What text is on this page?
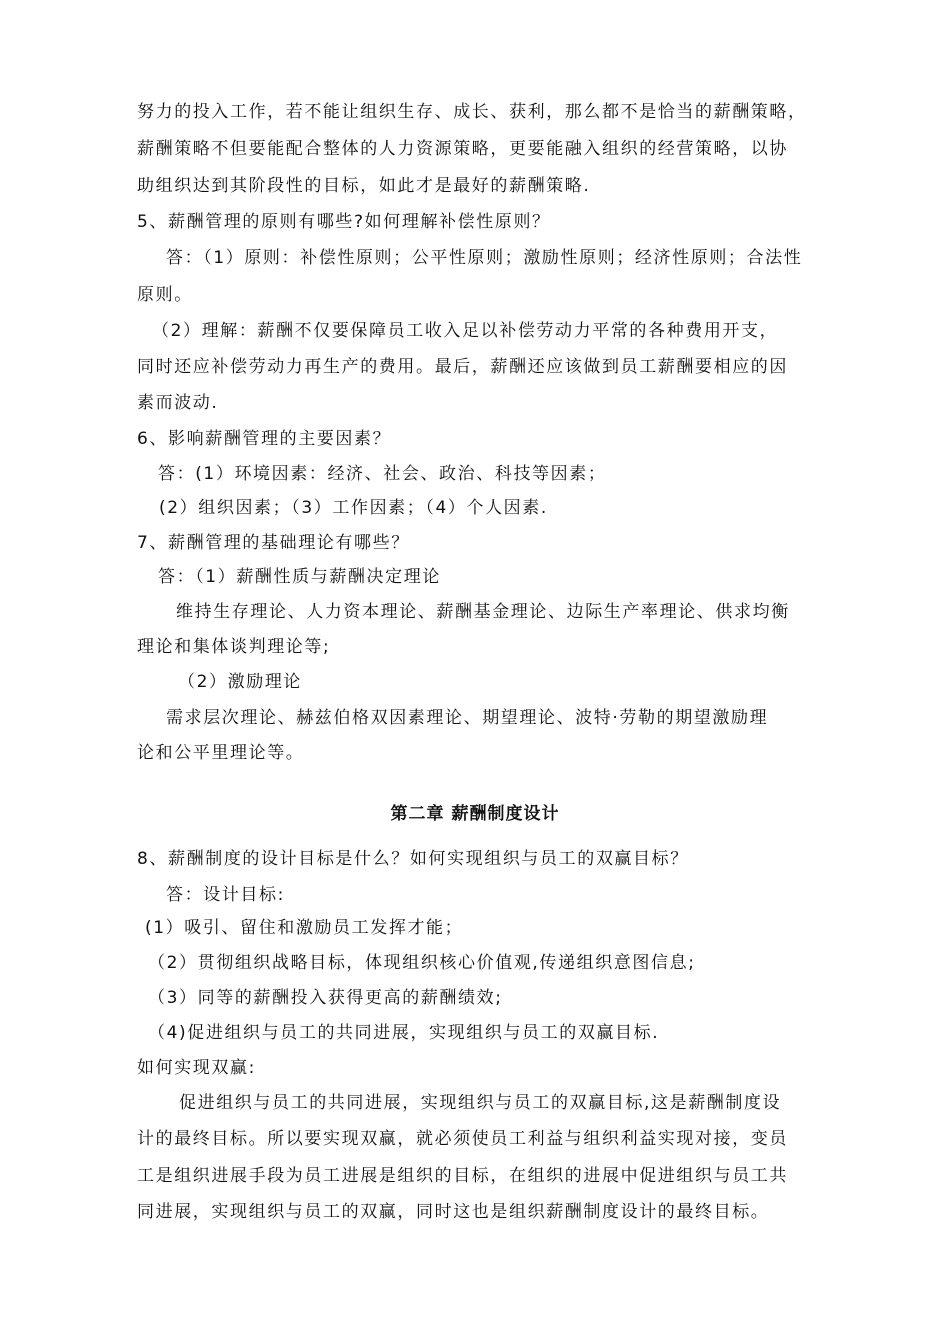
努力的投入工作，若不能让组织生存、成长、获利，那么都不是恰当的薪酬策略，
薪酬策略不但要能配合整体的人力资源策略，更要能融入组织的经营策略，以协
助组织达到其阶段性的目标，如此才是最好的薪酬策略.
5、薪酬管理的原则有哪些?如何理解补偿性原则？
答：（1）原则：补偿性原则；公平性原则；激励性原则；经济性原则；合法性
原则。
（2）理解：薪酬不仅要保障员工收入足以补偿劳动力平常的各种费用开支，
同时还应补偿劳动力再生产的费用。最后，薪酬还应该做到员工薪酬要相应的因
素而波动.
6、影响薪酬管理的主要因素？
答：(1）环境因素：经济、社会、政治、科技等因素；
(2）组织因素；（3）工作因素；（4）个人因素.
7、薪酬管理的基础理论有哪些？
答：（1）薪酬性质与薪酬决定理论
维持生存理论、人力资本理论、薪酬基金理论、边际生产率理论、供求均衡
理论和集体谈判理论等;
（2）激励理论
需求层次理论、赫兹伯格双因素理论、期望理论、波特·劳勒的期望激励理
论和公平里理论等。
第二章 薪酬制度设计
8、薪酬制度的设计目标是什么？如何实现组织与员工的双赢目标？
答：设计目标:
(1）吸引、留住和激励员工发挥才能；
（2）贯彻组织战略目标，体现组织核心价值观,传递组织意图信息;
（3）同等的薪酬投入获得更高的薪酬绩效;
（4)促进组织与员工的共同进展，实现组织与员工的双赢目标.
如何实现双赢:
促进组织与员工的共同进展，实现组织与员工的双赢目标,这是薪酬制度设
计的最终目标。所以要实现双赢，就必须使员工利益与组织利益实现对接，变员
工是组织进展手段为员工进展是组织的目标，在组织的进展中促进组织与员工共
同进展，实现组织与员工的双赢，同时这也是组织薪酬制度设计的最终目标。
